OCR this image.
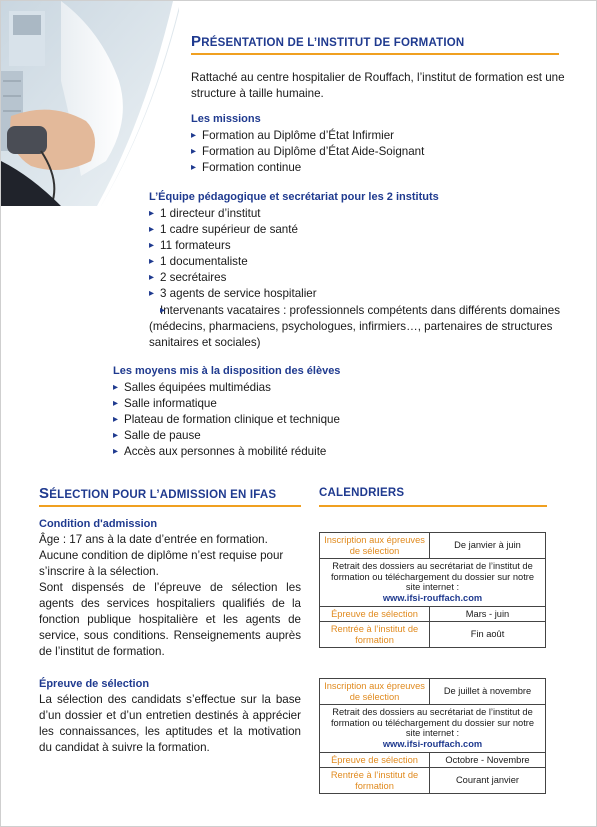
PRÉSENTATION DE L’INSTITUT DE FORMATION
Rattaché au centre hospitalier de Rouffach, l’institut de formation est une structure à taille humaine.
Les missions
▸ Formation au Diplôme d’État Infirmier
▸ Formation au Diplôme d’État Aide-Soignant
▸ Formation continue
L’Équipe pédagogique et secrétariat pour les 2 instituts
▸ 1 directeur d’institut
▸ 1 cadre supérieur de santé
▸ 11 formateurs
▸ 1 documentaliste
▸ 2 secrétaires
▸ 3 agents de service hospitalier
▸ Intervenants vacataires : professionnels compétents dans différents domaines (médecins, pharmaciens, psychologues, infirmiers…, partenaires de structures sanitaires et sociales)
Les moyens mis à la disposition des élèves
▸ Salles équipées multimédias
▸ Salle informatique
▸ Plateau de formation clinique et technique
▸ Salle de pause
▸ Accès aux personnes à mobilité réduite
SÉLECTION POUR L’ADMISSION EN IFAS
Condition d'admission
Âge : 17 ans à la date d’entrée en formation.
Aucune condition de diplôme n’est requise pour s’inscrire à la sélection.
Sont dispensés de l’épreuve de sélection les agents des services hospitaliers qualifiés de la fonction publique hospitalière et les agents de service, sous conditions. Renseignements auprès de l’institut de formation.
Épreuve de sélection
La sélection des candidats s’effectue sur la base d’un dossier et d’un entretien destinés à apprécier les connaissances, les aptitudes et la motivation du candidat à suivre la formation.
CALENDRIERS
Inscription aux épreuves de sélection	De janvier à juin

Retrait des dossiers au secrétariat de l’institut de formation ou téléchargement du dossier sur notre site internet :
www.ifsi-rouffach.com	

Épreuve de sélection	Mars - juin
Rentrée à l’institut de formation	Fin août
Inscription aux épreuves de sélection	De juillet à novembre

Retrait des dossiers au secrétariat de l’institut de formation ou téléchargement du dossier sur notre site internet :
www.ifsi-rouffach.com	

Épreuve de sélection	Octobre - Novembre
Rentrée à l’institut de formation	Courant janvier
